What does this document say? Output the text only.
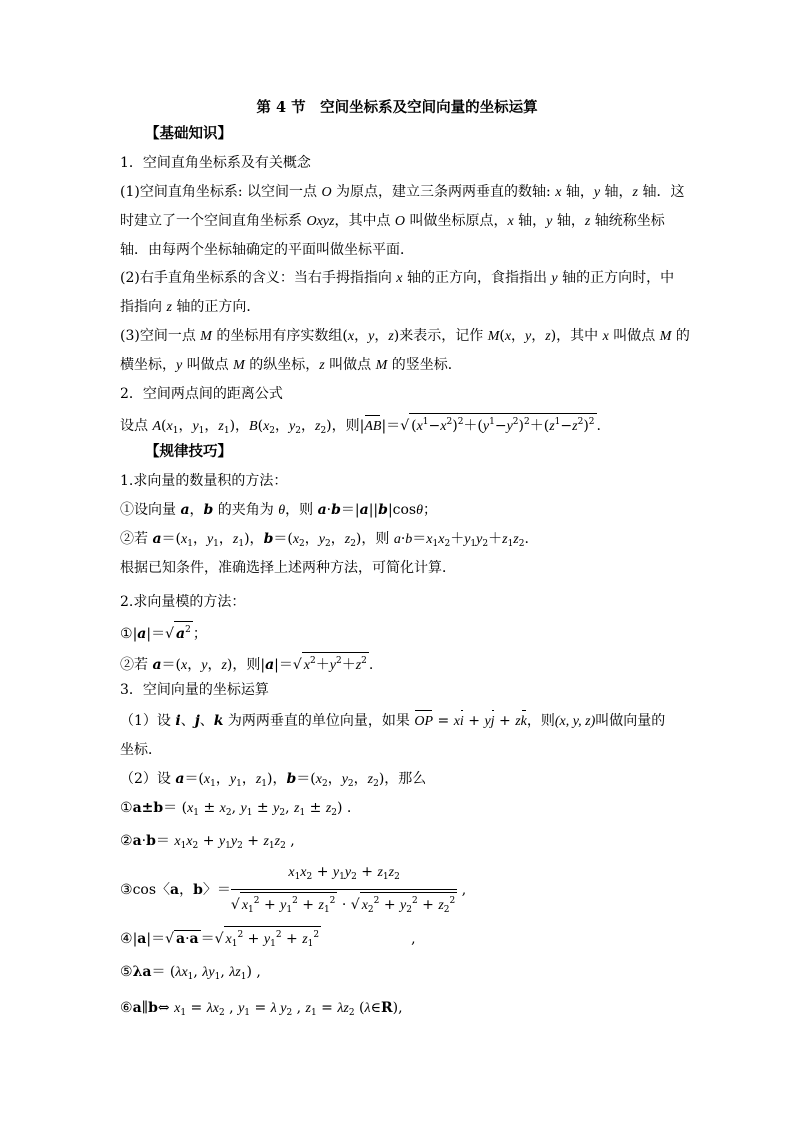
第 4 节　空间坐标系及空间向量的坐标运算
【基础知识】
1．空间直角坐标系及有关概念
(1)空间直角坐标系: 以空间一点 O 为原点，建立三条两两垂直的数轴: x 轴，y 轴，z 轴．这
时建立了一个空间直角坐标系 Oxyz，其中点 O 叫做坐标原点，x 轴，y 轴，z 轴统称坐标
轴．由每两个坐标轴确定的平面叫做坐标平面．
(2)右手直角坐标系的含义：当右手拇指指向 x 轴的正方向，食指指出 y 轴的正方向时，中
指指向 z 轴的正方向．
(3)空间一点 M 的坐标用有序实数组(x，y，z)来表示，记作 M(x，y，z)，其中 x 叫做点 M 的
横坐标，y 叫做点 M 的纵坐标，z 叫做点 M 的竖坐标．
2．空间两点间的距离公式
设点 $A(x_1$，$y_1$，$z_1$)，$B(x_2$，$y_2$，$z_2$)，则|AB|＝√ $(x^1-x^2)^2+(y^1-y^2)^2+(z^1-z^2)^2$ .
【规律技巧】
1.求向量的数量积的方法：
①设向量 a，b 的夹角为 θ，则 a·b＝|a||b|cosθ；
②若 $a=(x_1$，$y_1$，$z_1$)，$b=(x_2$，$y_2$，$z_2$)，则 $a\cdot b=x_1x_2+y_1y_2+z_1z_2$.
根据已知条件，准确选择上述两种方法，可简化计算．
2.求向量模的方法：
①|a|＝√ $a^2$ ；
②若 a＝(x，y，z)，则|a|＝√ $x^2+y^2+z^2$ .
3．空间向量的坐标运算
（1）设 i、j、k 为两两垂直的单位向量，如果 OP = xi + yj + zk，则(x, y, z)叫做向量的
坐标．
（2）设 $a=(x_1$，$y_1$，$z_1$)，$b=(x_2$，$y_2$，$z_2$)，那么
①a±b＝ ($x_1 \pm x_2$, $y_1 \pm y_2$, $z_1 \pm z_2$) .
②a·b＝ $x_1x_2 + y_1y_2 + z_1z_2$ ,
③cos〈a，b〉＝ $\frac{x_1x_2 + y_1y_2 + z_1z_2}{√ x_1^2 + y_1^2 + z_1^2 \cdot √ x_2^2 + y_2^2 + z_2^2}$ ,
④|a|＝√ a·a ＝√ $x_1^2 + y_1^2 + z_1^2$	,
⑤λa＝ ($\lambda x_1$, $\lambda y_1$, $\lambda z_1$) ,
⑥a∥b⇔ $x_1 = \lambda x_2$ , $y_1 = \lambda$ $y_2$ , $z_1 = \lambda z_2$ (λ∈R),
